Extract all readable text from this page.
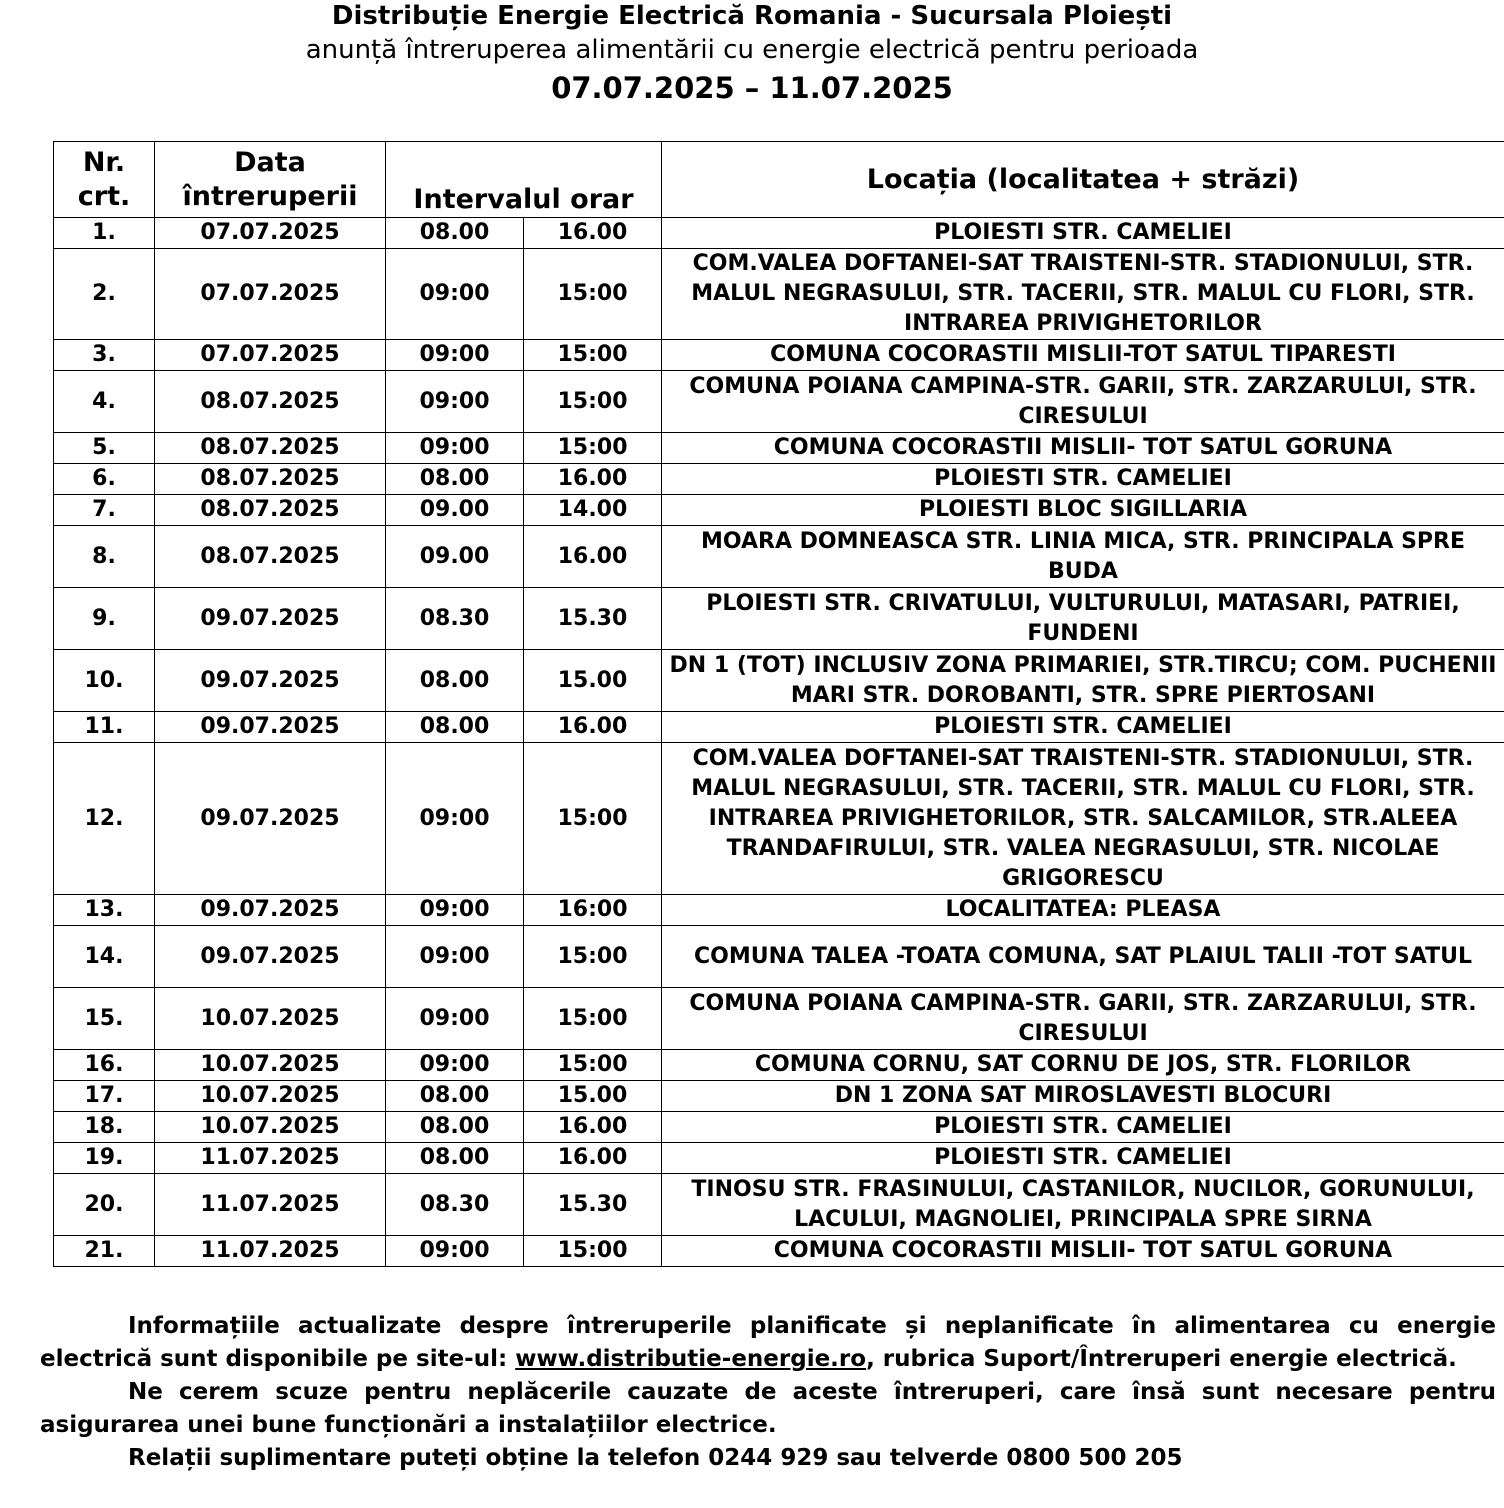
Distribuție Energie Electrică Romania - Sucursala Ploiești
anunță întreruperea alimentării cu energie electrică pentru perioada
07.07.2025 – 11.07.2025
Nr. crt.	Data întreruperii	Intervalul orar		Locația (localitatea + străzi)
1.	07.07.2025	08.00	16.00	PLOIESTI STR. CAMELIEI
2.	07.07.2025	09:00	15:00	COM.VALEA DOFTANEI-SAT TRAISTENI-STR. STADIONULUI, STR. MALUL NEGRASULUI, STR. TACERII, STR. MALUL CU FLORI, STR. INTRAREA PRIVIGHETORILOR
3.	07.07.2025	09:00	15:00	COMUNA COCORASTII MISLII-TOT SATUL TIPARESTI
4.	08.07.2025	09:00	15:00	COMUNA POIANA CAMPINA-STR. GARII, STR. ZARZARULUI, STR. CIRESULUI
5.	08.07.2025	09:00	15:00	COMUNA COCORASTII MISLII- TOT SATUL GORUNA
6.	08.07.2025	08.00	16.00	PLOIESTI STR. CAMELIEI
7.	08.07.2025	09.00	14.00	PLOIESTI BLOC SIGILLARIA
8.	08.07.2025	09.00	16.00	MOARA DOMNEASCA STR. LINIA MICA, STR. PRINCIPALA SPRE BUDA
9.	09.07.2025	08.30	15.30	PLOIESTI STR. CRIVATULUI, VULTURULUI, MATASARI, PATRIEI, FUNDENI
10.	09.07.2025	08.00	15.00	DN 1 (TOT) INCLUSIV ZONA PRIMARIEI, STR.TIRCU; COM. PUCHENII MARI STR. DOROBANTI, STR. SPRE PIERTOSANI
11.	09.07.2025	08.00	16.00	PLOIESTI STR. CAMELIEI
12.	09.07.2025	09:00	15:00	COM.VALEA DOFTANEI-SAT TRAISTENI-STR. STADIONULUI, STR. MALUL NEGRASULUI, STR. TACERII, STR. MALUL CU FLORI, STR. INTRAREA PRIVIGHETORILOR, STR. SALCAMILOR, STR.ALEEA TRANDAFIRULUI, STR. VALEA NEGRASULUI, STR. NICOLAE GRIGORESCU
13.	09.07.2025	09:00	16:00	LOCALITATEA: PLEASA
14.	09.07.2025	09:00	15:00	COMUNA TALEA -TOATA COMUNA, SAT PLAIUL TALII -TOT SATUL
15.	10.07.2025	09:00	15:00	COMUNA POIANA CAMPINA-STR. GARII, STR. ZARZARULUI, STR. CIRESULUI
16.	10.07.2025	09:00	15:00	COMUNA CORNU, SAT CORNU DE JOS, STR. FLORILOR
17.	10.07.2025	08.00	15.00	DN 1 ZONA SAT MIROSLAVESTI BLOCURI
18.	10.07.2025	08.00	16.00	PLOIESTI STR. CAMELIEI
19.	11.07.2025	08.00	16.00	PLOIESTI STR. CAMELIEI
20.	11.07.2025	08.30	15.30	TINOSU STR. FRASINULUI, CASTANILOR, NUCILOR, GORUNULUI, LACULUI, MAGNOLIEI, PRINCIPALA SPRE SIRNA
21.	11.07.2025	09:00	15:00	COMUNA COCORASTII MISLII- TOT SATUL GORUNA

Informațiile actualizate despre întreruperile planificate și neplanificate în alimentarea cu energie electrică sunt disponibile pe site-ul: www.distributie-energie.ro, rubrica Suport/Întreruperi energie electrică.

Ne cerem scuze pentru neplăcerile cauzate de aceste întreruperi, care însă sunt necesare pentru asigurarea unei bune funcționări a instalațiilor electrice.

Relații suplimentare puteți obține la telefon 0244 929 sau telverde 0800 500 205
